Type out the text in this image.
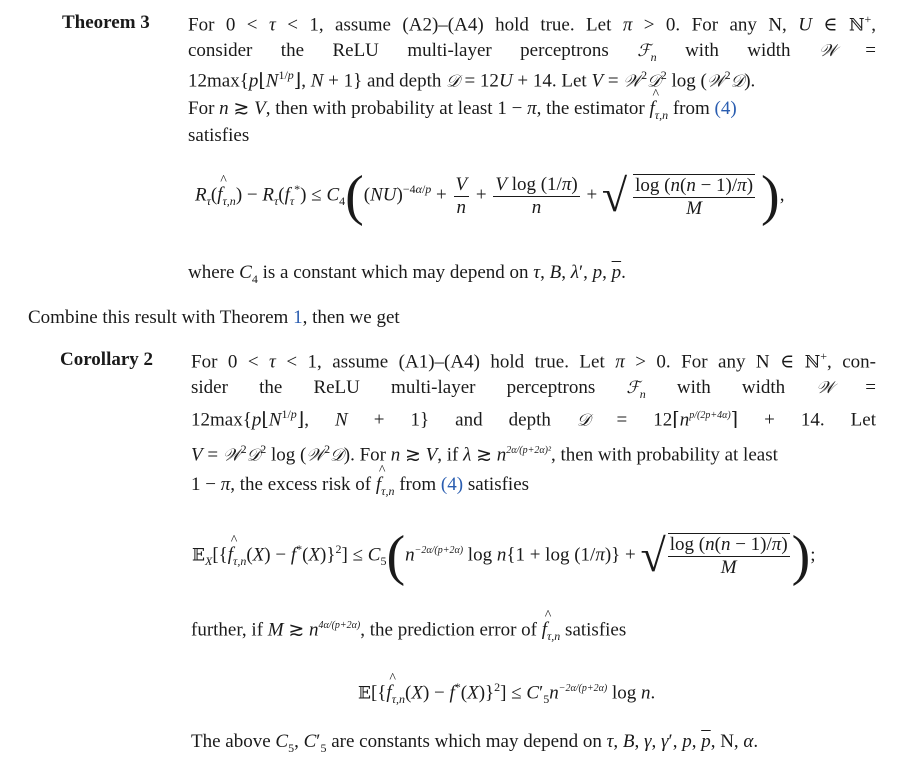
Theorem 3 For 0 < τ < 1, assume (A2)–(A4) hold true. Let π > 0. For any N, U ∈ ℕ+,
consider the ReLU multi-layer perceptrons ℱ$_n$ with width 𝒲 =
$12\max\{p⌊N^{1/p}⌋$, N + 1} and depth 𝒟 = 12U + 14. Let V = 𝒲$^2$𝒟$^2$ log (𝒲$^2$𝒟).
For n ≳ V, then with probability at least 1 − π, the estimator ^ $f_{\tau,n}$ from (4)
satisfies
$R_\tau(\^{}$ $f_{\tau,n}) - R_\tau(f_\tau^*) \le C_4((NU)^{-4\alpha/p} + \frac{V}{n} + \frac{\text{V log (1/π)}}{n}$ + √ $\frac{\log (n(n - 1)/\pi)}{M}$ ),
where $C_4$ is a constant which may depend on τ, B, λ′, p, $\overline{p}$.
Combine this result with Theorem 1, then we get
Corollary 2 For 0 < τ < 1, assume (A1)–(A4) hold true. Let π > 0. For any N ∈ ℕ+, con-
sider the ReLU multi-layer perceptrons ℱ$_n$ with width 𝒲 =
$12\max\{p⌊N^{1/p}⌋$, N + 1} and depth 𝒟 = $12⌈n^{p/(2p+4\alpha)}⌉ + 14$. Let
V = 𝒲$^2$𝒟$^2$ log (𝒲$^2$𝒟). For n ≳ V, if λ ≳ $n^{2\alpha/(p+2\alpha)^2}$, then with probability at least
1 − π, the excess risk of ^ $f_{\tau,n}$ from (4) satisfies
𝔼$_X$[{^ $f_{\tau,n}(X) - f^*(X)\}^2] \le C_5(n^{-2\alpha/(p+2\alpha)}$ log n{1 + log (1/π)} + √ $\frac{\log (n(n - 1)/\pi)}{M}$ );
further, if M ≳ $n^{4\alpha/(p+2\alpha)}$, the prediction error of ^ $f_{\tau,n}$ satisfies
𝔼[{^ $f_{\tau,n}(X) - f^*(X)\}^2] \le C'_5n^{-2\alpha/(p+2\alpha)}$ log n.
The above $C_5$, $C'_5$ are constants which may depend on τ, B, γ, γ′, p, $\overline{p}$, N, α.
